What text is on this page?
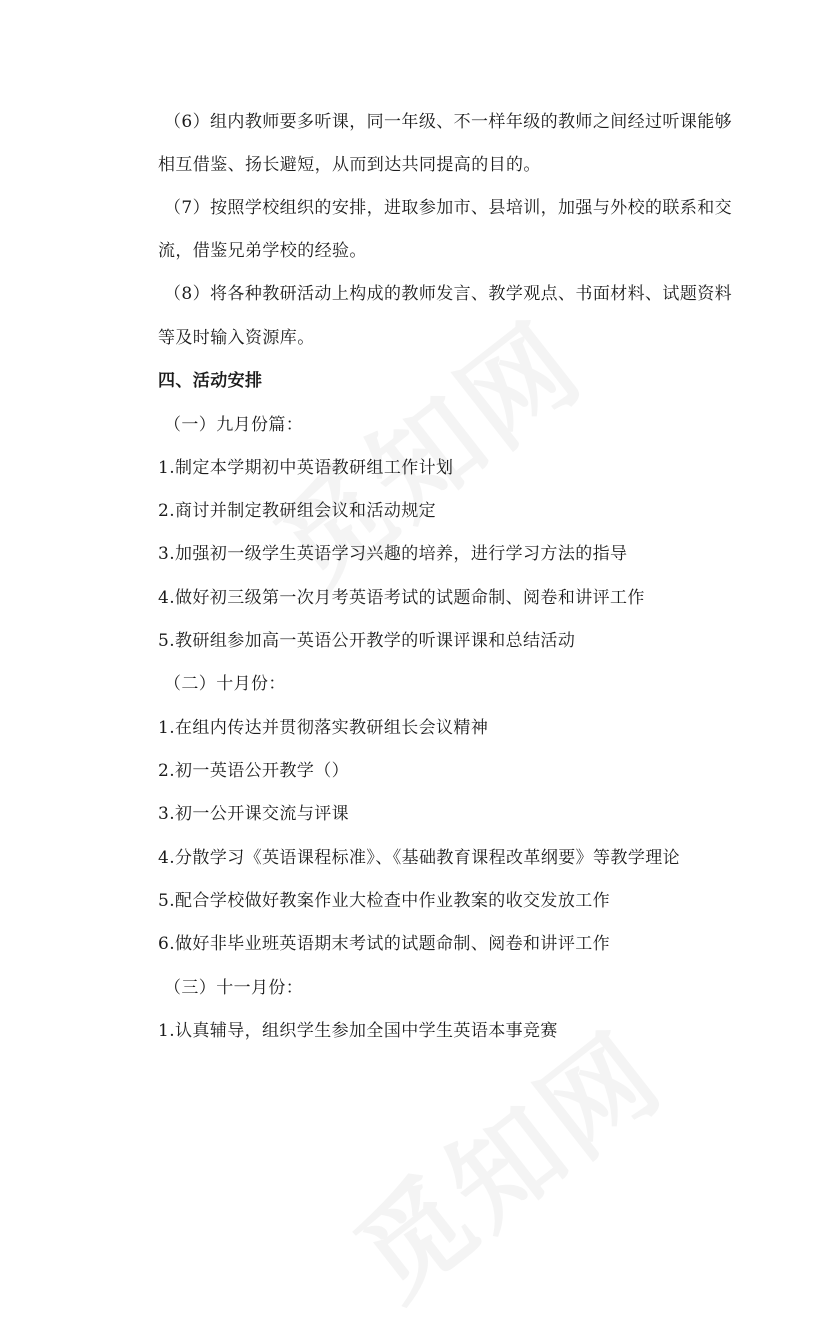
（6）组内教师要多听课，同一年级、不一样年级的教师之间经过听课能够
相互借鉴、扬长避短，从而到达共同提高的目的。
（7）按照学校组织的安排，进取参加市、县培训，加强与外校的联系和交
流，借鉴兄弟学校的经验。
（8）将各种教研活动上构成的教师发言、教学观点、书面材料、试题资料
等及时输入资源库。
四、活动安排
（一）九月份篇：
1.制定本学期初中英语教研组工作计划
2.商讨并制定教研组会议和活动规定
3.加强初一级学生英语学习兴趣的培养，进行学习方法的指导
4.做好初三级第一次月考英语考试的试题命制、阅卷和讲评工作
5.教研组参加高一英语公开教学的听课评课和总结活动
（二）十月份：
1.在组内传达并贯彻落实教研组长会议精神
2.初一英语公开教学（）
3.初一公开课交流与评课
4.分散学习《英语课程标准》、《基础教育课程改革纲要》等教学理论
5.配合学校做好教案作业大检查中作业教案的收交发放工作
6.做好非毕业班英语期末考试的试题命制、阅卷和讲评工作
（三）十一月份：
1.认真辅导，组织学生参加全国中学生英语本事竞赛
